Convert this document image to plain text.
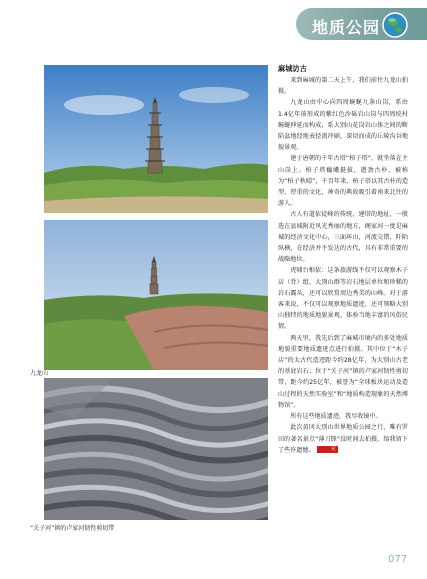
地质公园
九龙山
“关子河”镇的卢家河韧性剪切带
麻城访古

来到麻城的第二天上午，我们前往九龙山拍摄。

九龙山由中心向四周蜿蜒九条山岗，系由1.4亿年前形成的紫红色沙砾岩山岗与四周垸村蜿蜒伸延而构成，系大别山花岗岩山体之间的断陷盆地经地表径流冲刷，深切而成的丘陵沟谷地貌景观。

建于唐朝的千年古塔“柏子塔”，就坐落在主山岗上。柏子塔巍峨挺拔，遒劲古朴，被称为“柏子秋晴”，千百年来，柏子塔以其古朴的造型、厚重的文化、神奇的典故吸引着南来北往的游人。

古人有道依徒峰的传统，建塔的地址，一般选在县城附近风光秀丽的地方，阁家河一度是麻城的经济文化中心，三面环山，河流交错，阡陌纵横，在经济并不发达的古代，具有非常重要的战略地位。

虎啸台相依：这条旅游线不仅可以观察木子店（背）组、大别山群等岩石地层单位和珍稀的岩石露头，还可以欣赏周边秀美的山峰。对于游客来说，不仅可以观察地质遗迹，还可领略大别山独特的地质地貌景观，体验当地丰富的风俗民情。

两天里，我先后到了麻城市境内的多处地质地貌重要地质遗迹点进行拍摄。其中位于“木子店”的太古代造迹距今约28亿年，为大别山古老的基底岩石；位于“关子河”镇的卢家河韧性剪切带，距今约25亿年，被誉为“全球板块运动及造山过程的天然实验室”和“地质构造现象的天然博物馆”。

所有这些地质遗迹，我尽收镜中。

此次黄冈大别山世界地质公园之行，唯有罗田的著名景点“薄刀锋”没时间去拍摄，给我留下了些许遗憾。	完

077
